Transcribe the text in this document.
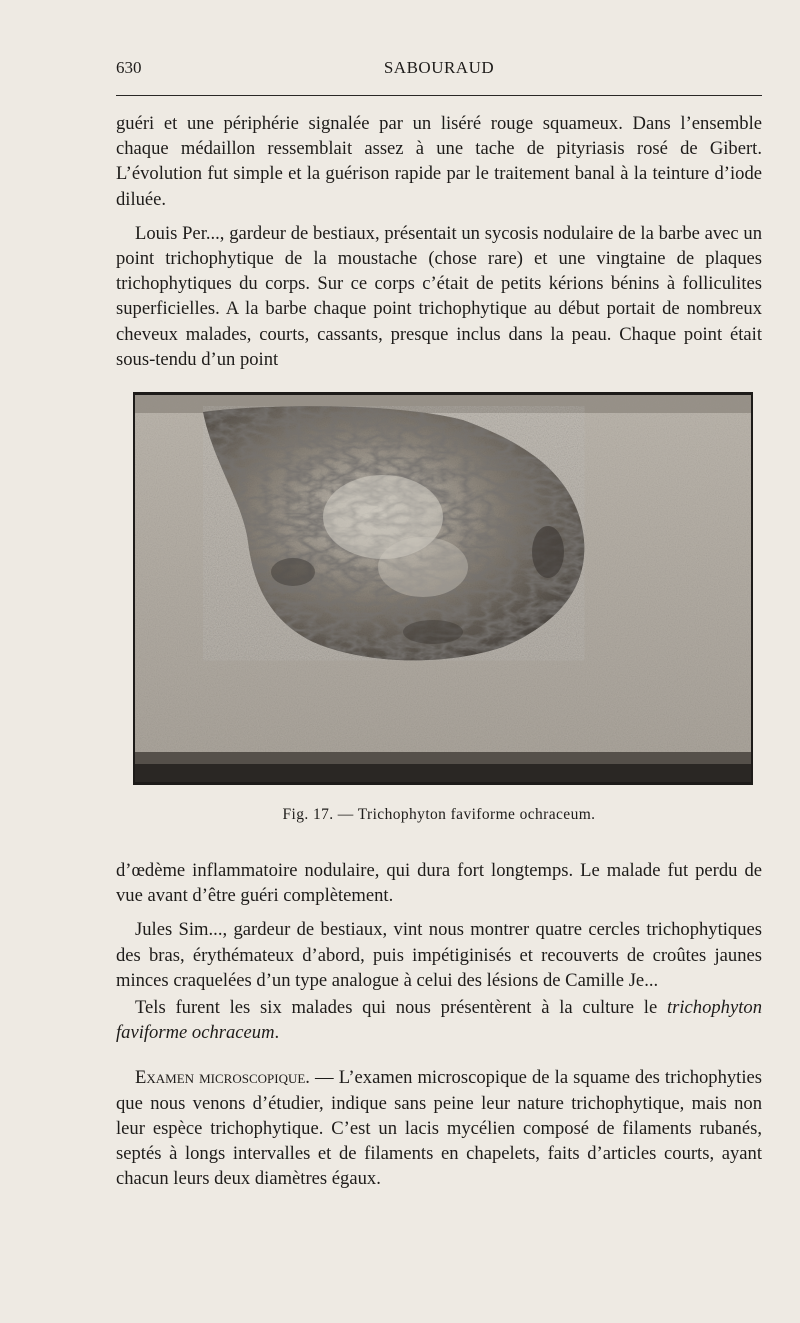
630	SABOURAUD

guéri et une périphérie signalée par un liséré rouge squameux. Dans l’ensemble chaque médaillon ressemblait assez à une tache de pityriasis rosé de Gibert. L’évolution fut simple et la guérison rapide par le traitement banal à la teinture d’iode diluée.

Louis Per..., gardeur de bestiaux, présentait un sycosis nodulaire de la barbe avec un point trichophytique de la moustache (chose rare) et une vingtaine de plaques trichophytiques du corps. Sur ce corps c’était de petits kérions bénins à folliculites superficielles. A la barbe chaque point trichophytique au début portait de nombreux cheveux malades, courts, cassants, presque inclus dans la peau. Chaque point était sous-tendu d’un point

Fig. 17. — Trichophyton faviforme ochraceum.

d’œdème inflammatoire nodulaire, qui dura fort longtemps. Le malade fut perdu de vue avant d’être guéri complètement.

Jules Sim..., gardeur de bestiaux, vint nous montrer quatre cercles trichophytiques des bras, érythémateux d’abord, puis impétiginisés et recouverts de croûtes jaunes minces craquelées d’un type analogue à celui des lésions de Camille Je...

Tels furent les six malades qui nous présentèrent à la culture le trichophyton faviforme ochraceum.

Examen microscopique. — L’examen microscopique de la squame des trichophyties que nous venons d’étudier, indique sans peine leur nature trichophytique, mais non leur espèce trichophytique. C’est un lacis mycélien composé de filaments rubanés, septés à longs intervalles et de filaments en chapelets, faits d’articles courts, ayant chacun leurs deux diamètres égaux.
